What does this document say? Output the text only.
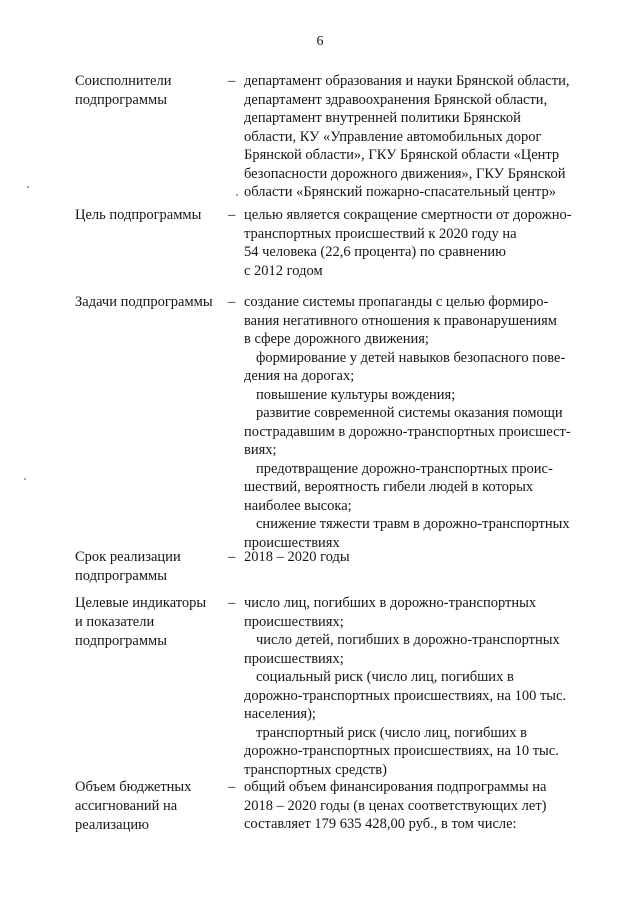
6
Соисполнители
подпрограммы
– департамент образования и науки Брянской области,
департамент здравоохранения Брянской области,
департамент внутренней политики Брянской
области, КУ «Управление автомобильных дорог
Брянской области», ГКУ Брянской области «Центр
безопасности дорожного движения», ГКУ Брянской
области «Брянский пожарно-спасательный центр»
Цель подпрограммы	– целью является сокращение смертности от дорожно-
транспортных происшествий к 2020 году на
54 человека (22,6 процента) по сравнению
с 2012 годом
Задачи подпрограммы	– создание системы пропаганды с целью формиро-
вания негативного отношения к правонарушениям
в сфере дорожного движения;
формирование у детей навыков безопасного пове-
дения на дорогах;
повышение культуры вождения;
развитие современной системы оказания помощи
пострадавшим в дорожно-транспортных происшест-
виях;
предотвращение дорожно-транспортных проис-
шествий, вероятность гибели людей в которых
наиболее высока;
снижение тяжести травм в дорожно-транспортных
происшествиях
Срок реализации
подпрограммы
– 2018 – 2020 годы
Целевые индикаторы
и показатели
подпрограммы
– число лиц, погибших в дорожно-транспортных
происшествиях;
число детей, погибших в дорожно-транспортных
происшествиях;
социальный риск (число лиц, погибших в
дорожно-транспортных происшествиях, на 100 тыс.
населения);
транспортный риск (число лиц, погибших в
дорожно-транспортных происшествиях, на 10 тыс.
транспортных средств)
Объем бюджетных
ассигнований на
реализацию
– общий объем финансирования подпрограммы на
2018 – 2020 годы (в ценах соответствующих лет)
составляет 179 635 428,00 руб., в том числе:
